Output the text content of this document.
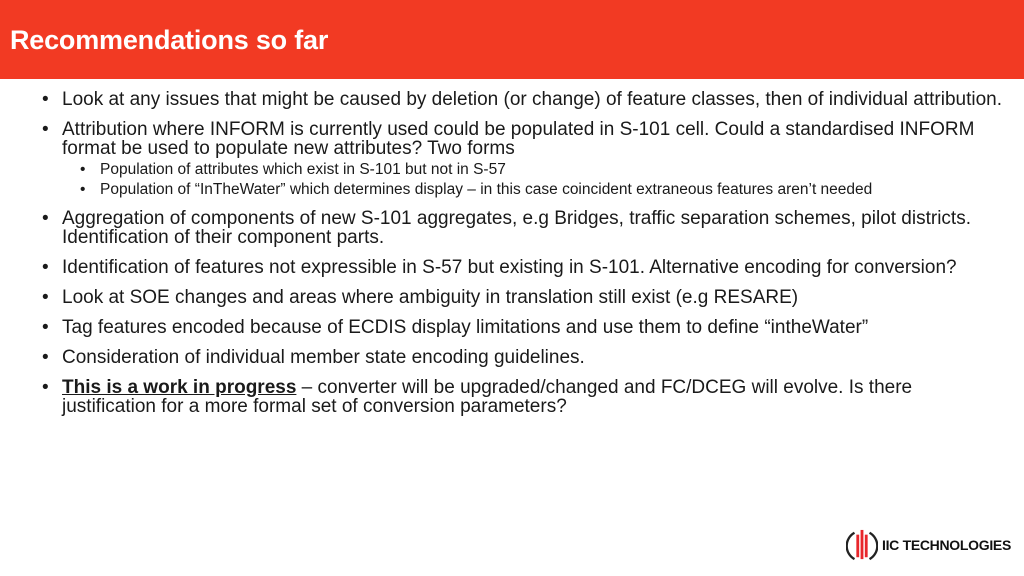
Recommendations so far
• Look at any issues that might be caused by deletion (or change) of feature classes, then of individual attribution.
• Attribution where INFORM is currently used could be populated in S-101 cell. Could a standardised INFORM format be used to populate new attributes? Two forms
• Population of attributes which exist in S-101 but not in S-57
• Population of “InTheWater” which determines display – in this case coincident extraneous features aren’t needed
• Aggregation of components of new S-101 aggregates, e.g Bridges, traffic separation schemes, pilot districts. Identification of their component parts.
• Identification of features not expressible in S-57 but existing in S-101. Alternative encoding for conversion?
• Look at SOE changes and areas where ambiguity in translation still exist (e.g RESARE)
• Tag features encoded because of ECDIS display limitations and use them to define “intheWater”
• Consideration of individual member state encoding guidelines.
• This is a work in progress – converter will be upgraded/changed and FC/DCEG will evolve. Is there justification for a more formal set of conversion parameters?
IIC TECHNOLOGIES
